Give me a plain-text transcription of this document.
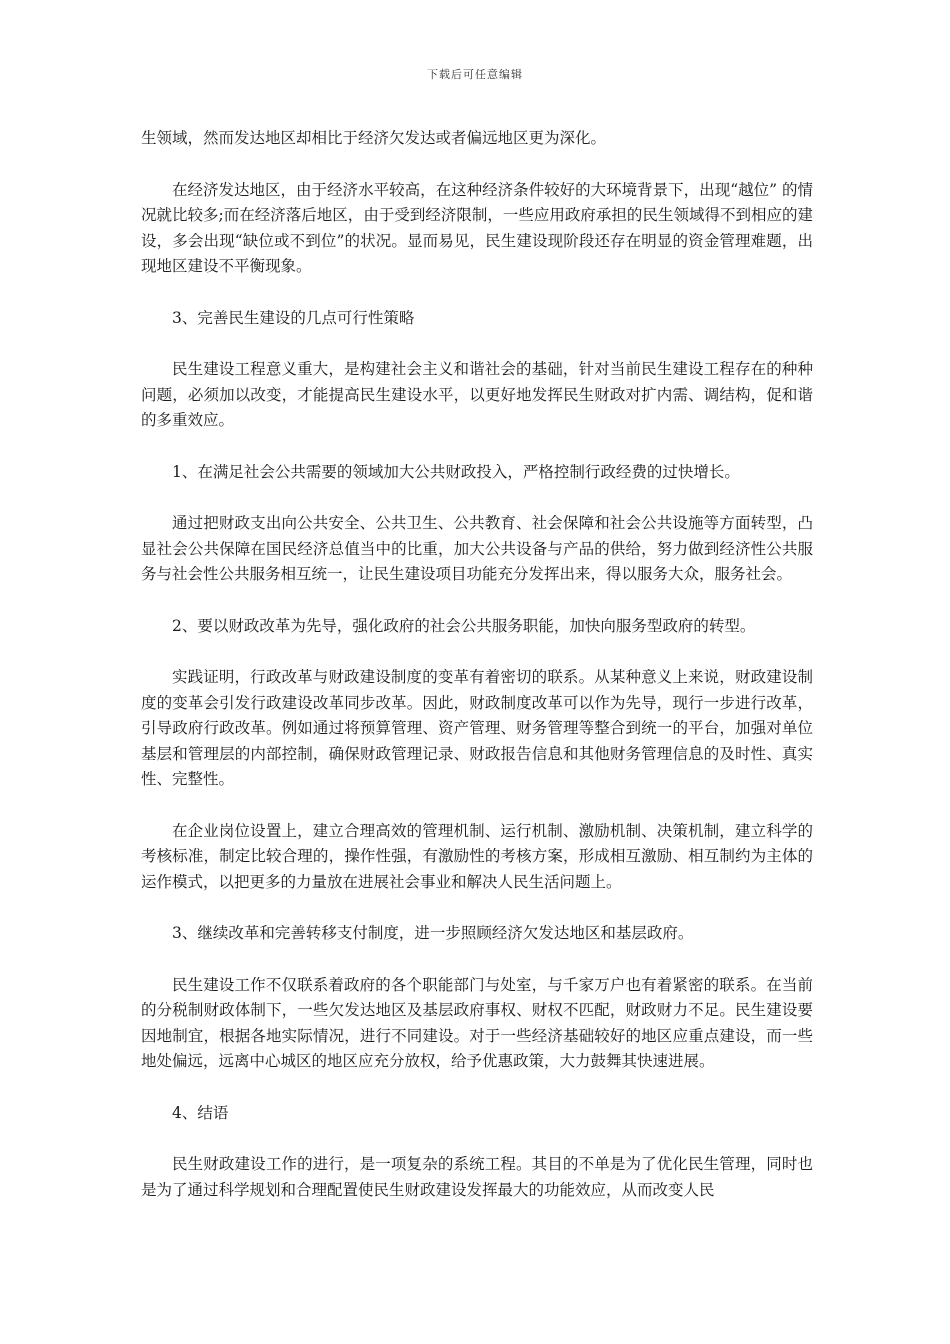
下载后可任意编辑

生领域，然而发达地区却相比于经济欠发达或者偏远地区更为深化。

在经济发达地区，由于经济水平较高，在这种经济条件较好的大环境背景下，出现“越位” 的情况就比较多;而在经济落后地区，由于受到经济限制，一些应用政府承担的民生领域得不到相应的建设，多会出现“缺位或不到位”的状况。显而易见，民生建设现阶段还存在明显的资金管理难题，出现地区建设不平衡现象。

3、完善民生建设的几点可行性策略

民生建设工程意义重大，是构建社会主义和谐社会的基础，针对当前民生建设工程存在的种种问题，必须加以改变，才能提高民生建设水平，以更好地发挥民生财政对扩内需、调结构，促和谐的多重效应。

1、在满足社会公共需要的领域加大公共财政投入，严格控制行政经费的过快增长。

通过把财政支出向公共安全、公共卫生、公共教育、社会保障和社会公共设施等方面转型，凸显社会公共保障在国民经济总值当中的比重，加大公共设备与产品的供给，努力做到经济性公共服务与社会性公共服务相互统一，让民生建设项目功能充分发挥出来，得以服务大众，服务社会。

2、要以财政改革为先导，强化政府的社会公共服务职能，加快向服务型政府的转型。

实践证明，行政改革与财政建设制度的变革有着密切的联系。从某种意义上来说，财政建设制度的变革会引发行政建设改革同步改革。因此，财政制度改革可以作为先导，现行一步进行改革，引导政府行政改革。例如通过将预算管理、资产管理、财务管理等整合到统一的平台，加强对单位基层和管理层的内部控制，确保财政管理记录、财政报告信息和其他财务管理信息的及时性、真实性、完整性。

在企业岗位设置上，建立合理高效的管理机制、运行机制、激励机制、决策机制，建立科学的考核标准，制定比较合理的，操作性强，有激励性的考核方案，形成相互激励、相互制约为主体的运作模式，以把更多的力量放在进展社会事业和解决人民生活问题上。

3、继续改革和完善转移支付制度，进一步照顾经济欠发达地区和基层政府。

民生建设工作不仅联系着政府的各个职能部门与处室，与千家万户也有着紧密的联系。在当前的分税制财政体制下，一些欠发达地区及基层政府事权、财权不匹配，财政财力不足。民生建设要因地制宜，根据各地实际情况，进行不同建设。对于一些经济基础较好的地区应重点建设，而一些地处偏远，远离中心城区的地区应充分放权，给予优惠政策，大力鼓舞其快速进展。

4、结语

民生财政建设工作的进行，是一项复杂的系统工程。其目的不单是为了优化民生管理，同时也是为了通过科学规划和合理配置使民生财政建设发挥最大的功能效应，从而改变人民
